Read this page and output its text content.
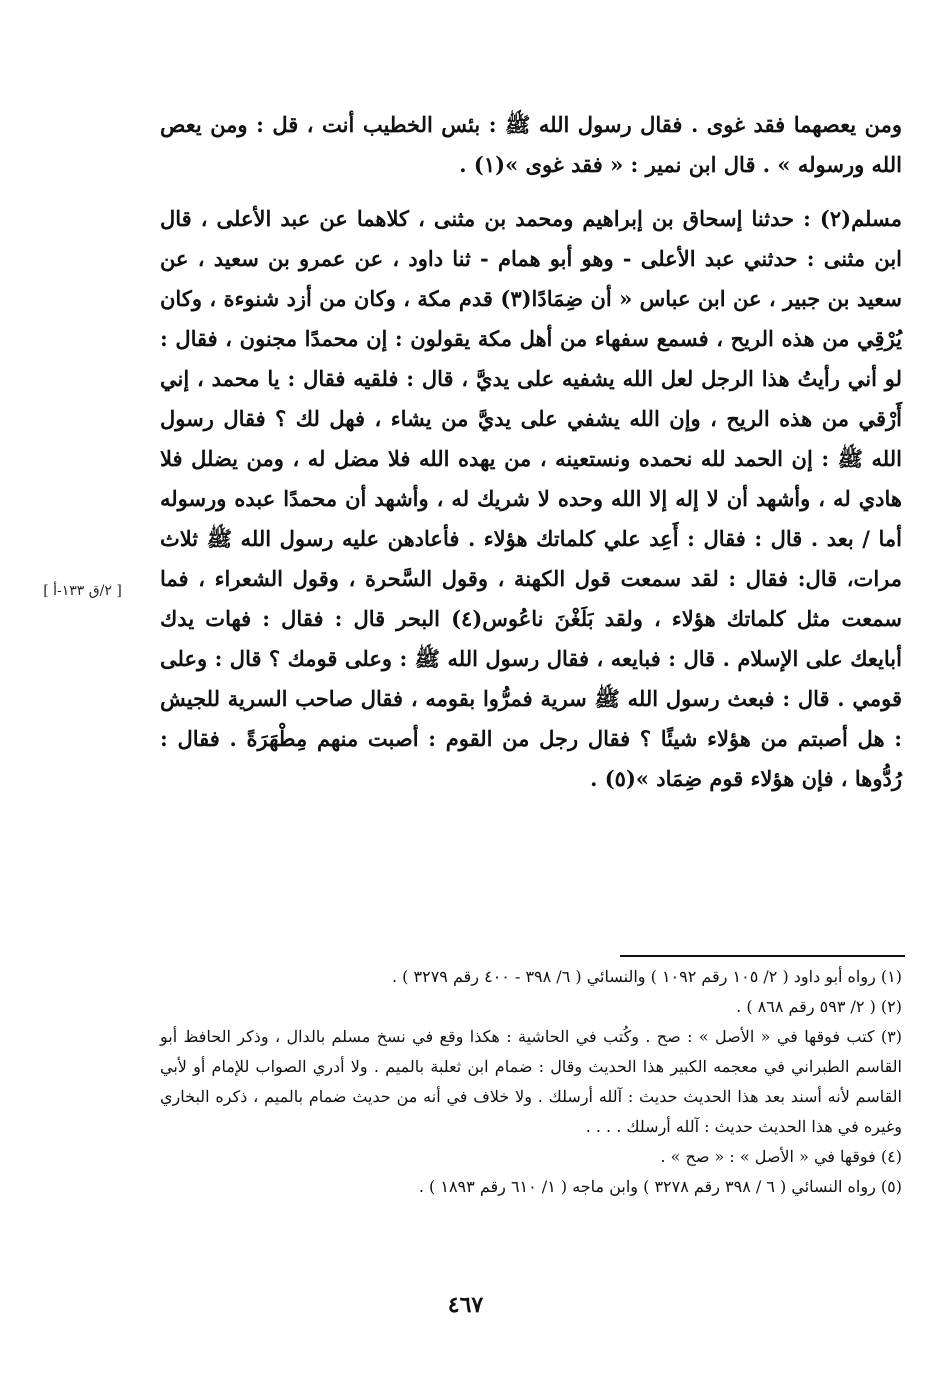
ومن يعصهما فقد غوى . فقال رسول الله ﷺ : بئس الخطيب أنت ، قل : ومن يعص الله ورسوله » . قال ابن نمير : « فقد غوى »(١) .

مسلم(٢) : حدثنا إسحاق بن إبراهيم ومحمد بن مثنى ، كلاهما عن عبد الأعلى ، قال ابن مثنى : حدثني عبد الأعلى - وهو أبو همام - ثنا داود ، عن عمرو بن سعيد ، عن سعيد بن جبير ، عن ابن عباس « أن ضِمَادًا(٣) قدم مكة ، وكان من أزد شنوءة ، وكان يُرْقِي من هذه الريح ، فسمع سفهاء من أهل مكة يقولون : إن محمدًا مجنون ، فقال : لو أني رأيتُ هذا الرجل لعل الله يشفيه على يديَّ ، قال : فلقيه فقال : يا محمد ، إني أَرْقي من هذه الريح ، وإن الله يشفي على يديَّ من يشاء ، فهل لك ؟ فقال رسول الله ﷺ : إن الحمد لله نحمده ونستعينه ، من يهده الله فلا مضل له ، ومن يضلل فلا هادي له ، وأشهد أن لا إله إلا الله وحده لا شريك له ، وأشهد أن محمدًا عبده ورسوله أما / بعد . قال : فقال : أَعِد علي كلماتك هؤلاء . فأعادهن عليه رسول الله ﷺ ثلاث مرات، قال: فقال : لقد سمعت قول الكهنة ، وقول السَّحرة ، وقول الشعراء ، فما سمعت مثل كلماتك هؤلاء ، ولقد بَلَغْنَ ناعُوس(٤) البحر قال : فقال : فهات يدك أبايعك على الإسلام . قال : فبايعه ، فقال رسول الله ﷺ : وعلى قومك ؟ قال : وعلى قومي . قال : فبعث رسول الله ﷺ سرية فمرُّوا بقومه ، فقال صاحب السرية للجيش : هل أصبتم من هؤلاء شيئًا ؟ فقال رجل من القوم : أصبت منهم مِطْهَرَةً . فقال : رُدُّوها ، فإن هؤلاء قوم ضِمَاد »(٥) .

[ ٢/ق ١٣٣-أ ]

(١) رواه أبو داود ( ٢/ ١٠٥ رقم ١٠٩٢ ) والنسائي ( ٦/ ٣٩٨ - ٤٠٠ رقم ٣٢٧٩ ) .

(٢) ( ٢/ ٥٩٣ رقم ٨٦٨ ) .

(٣) كتب فوقها في « الأصل » : صح . وكُتب في الحاشية : هكذا وقع في نسخ مسلم بالدال ، وذكر الحافظ أبو القاسم الطبراني في معجمه الكبير هذا الحديث وقال : ضمام ابن ثعلبة بالميم . ولا أدري الصواب للإمام أو لأبي القاسم لأنه أسند بعد هذا الحديث حديث : آلله أرسلك . ولا خلاف في أنه من حديث ضمام بالميم ، ذكره البخاري وغيره في هذا الحديث حديث : آلله أرسلك . . . .

(٤) فوقها في « الأصل » : « صح » .

(٥) رواه النسائي ( ٦ / ٣٩٨ رقم ٣٢٧٨ ) وابن ماجه ( ١/ ٦١٠ رقم ١٨٩٣ ) .

٤٦٧
